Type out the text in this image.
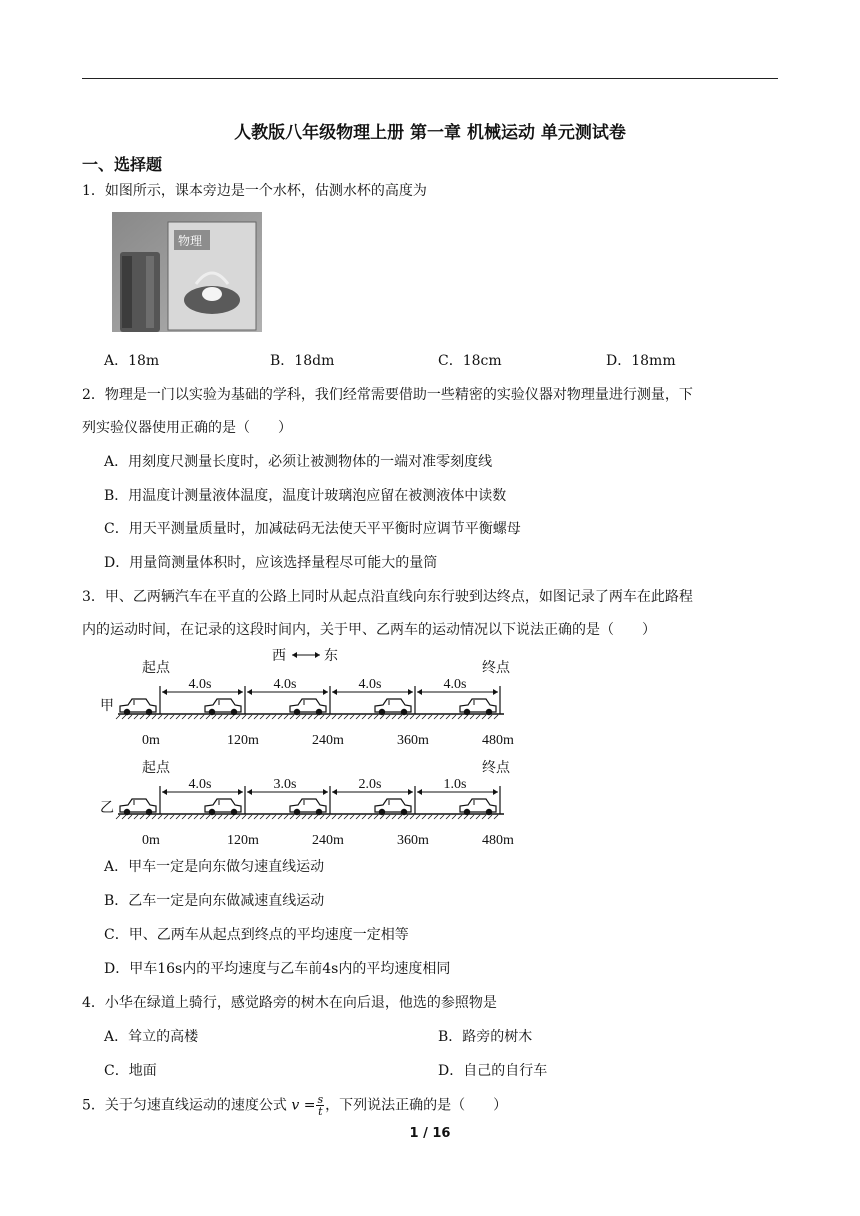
人教版八年级物理上册 第一章 机械运动 单元测试卷
一、选择题
1．如图所示，课本旁边是一个水杯，估测水杯的高度为
物理
A．18m	B．18dm	C．18cm	D．18mm
2．物理是一门以实验为基础的学科，我们经常需要借助一些精密的实验仪器对物理量进行测量，下
列实验仪器使用正确的是（　　）
A．用刻度尺测量长度时，必须让被测物体的一端对准零刻度线
B．用温度计测量液体温度，温度计玻璃泡应留在被测液体中读数
C．用天平测量质量时，加减砝码无法使天平平衡时应调节平衡螺母
D．用量筒测量体积时，应该选择量程尽可能大的量筒
3．甲、乙两辆汽车在平直的公路上同时从起点沿直线向东行驶到达终点，如图记录了两车在此路程
内的运动时间，在记录的这段时间内，关于甲、乙两车的运动情况以下说法正确的是（　　）
西	东
起点	终点
甲
0m	120m	240m	360m	480m
4.0s	4.0s	4.0s	4.0s
起点	终点
乙
0m	120m	240m	360m	480m
4.0s	3.0s	2.0s	1.0s
A．甲车一定是向东做匀速直线运动
B．乙车一定是向东做减速直线运动
C．甲、乙两车从起点到终点的平均速度一定相等
D．甲车16s内的平均速度与乙车前4s内的平均速度相同
4．小华在绿道上骑行，感觉路旁的树木在向后退，他选的参照物是
A．耸立的高楼	B．路旁的树木
C．地面	D．自己的自行车
5．关于匀速直线运动的速度公式 $v = \frac{s}{t}$ ，下列说法正确的是（　　）
1 / 16
